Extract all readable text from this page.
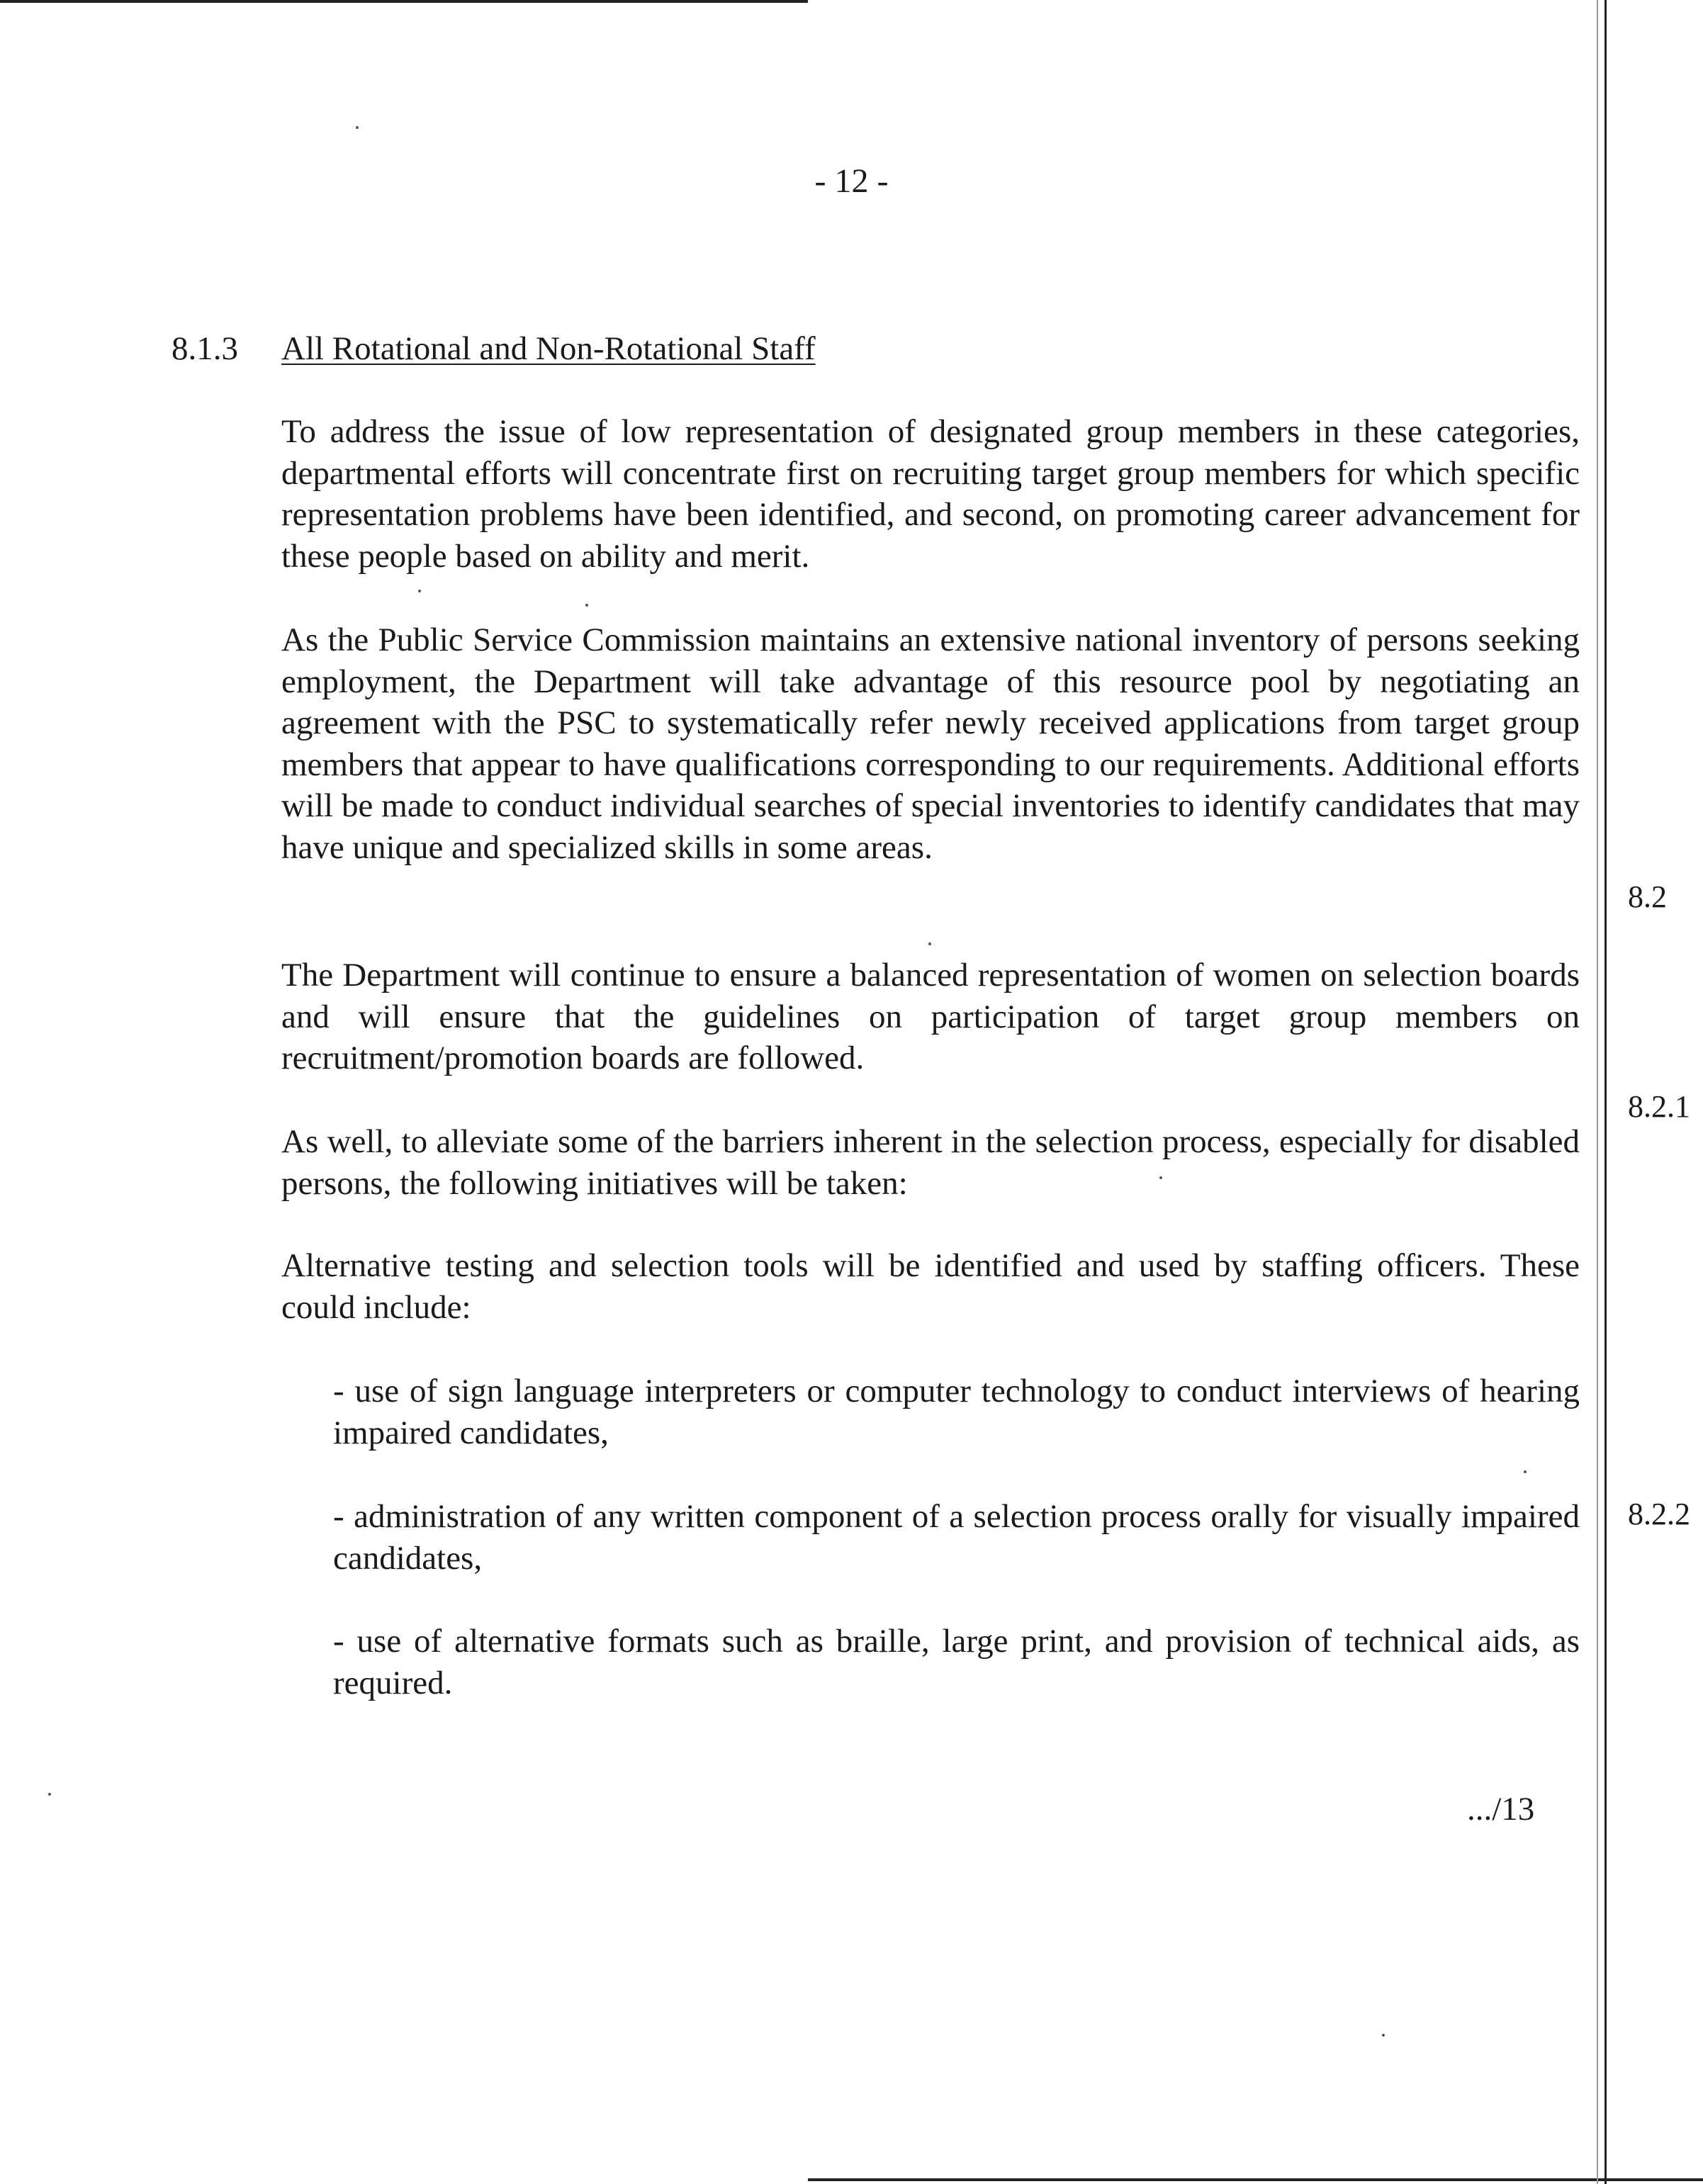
- 12 -
8.1.3 All Rotational and Non-Rotational Staff

To address the issue of low representation of designated group members in these categories, departmental efforts will concentrate first on recruiting target group members for which specific representation problems have been identified, and second, on promoting career advancement for these people based on ability and merit.

As the Public Service Commission maintains an extensive national inventory of persons seeking employment, the Department will take advantage of this resource pool by negotiating an agreement with the PSC to systematically refer newly received applications from target group members that appear to have qualifications corresponding to our requirements. Additional efforts will be made to conduct individual searches of special inventories to identify candidates that may have unique and specialized skills in some areas.

The Department will continue to ensure a balanced representation of women on selection boards and will ensure that the guidelines on participation of target group members on recruitment/promotion boards are followed.

As well, to alleviate some of the barriers inherent in the selection process, especially for disabled persons, the following initiatives will be taken:

Alternative testing and selection tools will be identified and used by staffing officers. These could include:

- use of sign language interpreters or computer technology to conduct interviews of hearing impaired candidates,

- administration of any written component of a selection process orally for visually impaired candidates,

- use of alternative formats such as braille, large print, and provision of technical aids, as required.

.../13
8.2
8.2.1
8.2.2
